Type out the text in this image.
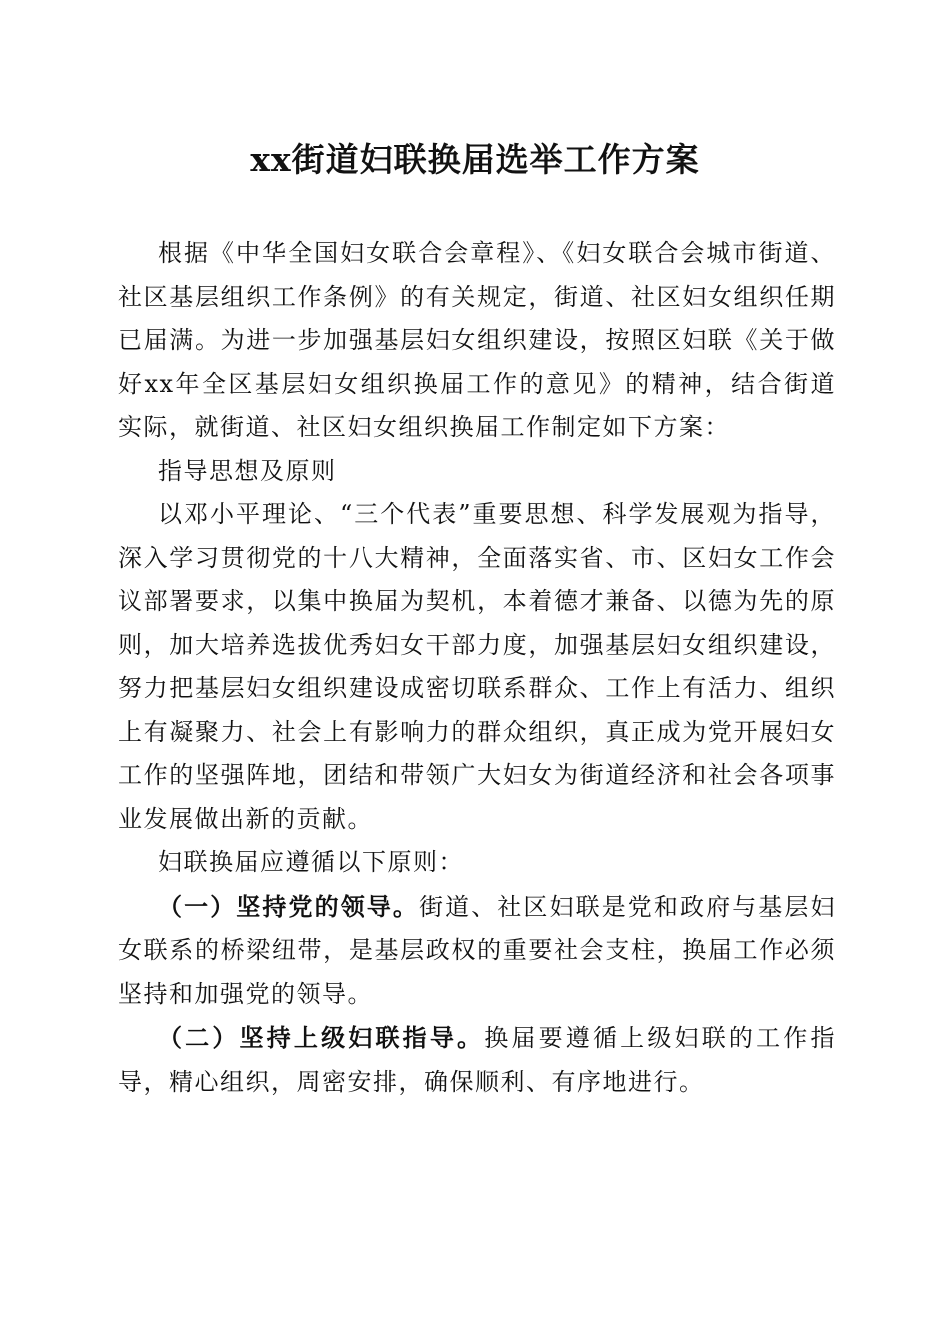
xx街道妇联换届选举工作方案

根据《中华全国妇女联合会章程》、《妇女联合会城市街道、社区基层组织工作条例》的有关规定，街道、社区妇女组织任期已届满。为进一步加强基层妇女组织建设，按照区妇联《关于做好xx年全区基层妇女组织换届工作的意见》的精神，结合街道实际，就街道、社区妇女组织换届工作制定如下方案：

指导思想及原则

以邓小平理论、“三个代表”重要思想、科学发展观为指导，深入学习贯彻党的十八大精神，全面落实省、市、区妇女工作会议部署要求，以集中换届为契机，本着德才兼备、以德为先的原则，加大培养选拔优秀妇女干部力度，加强基层妇女组织建设，努力把基层妇女组织建设成密切联系群众、工作上有活力、组织上有凝聚力、社会上有影响力的群众组织，真正成为党开展妇女工作的坚强阵地，团结和带领广大妇女为街道经济和社会各项事业发展做出新的贡献。

妇联换届应遵循以下原则：

（一）坚持党的领导。街道、社区妇联是党和政府与基层妇女联系的桥梁纽带，是基层政权的重要社会支柱，换届工作必须坚持和加强党的领导。

（二）坚持上级妇联指导。换届要遵循上级妇联的工作指导，精心组织，周密安排，确保顺利、有序地进行。
